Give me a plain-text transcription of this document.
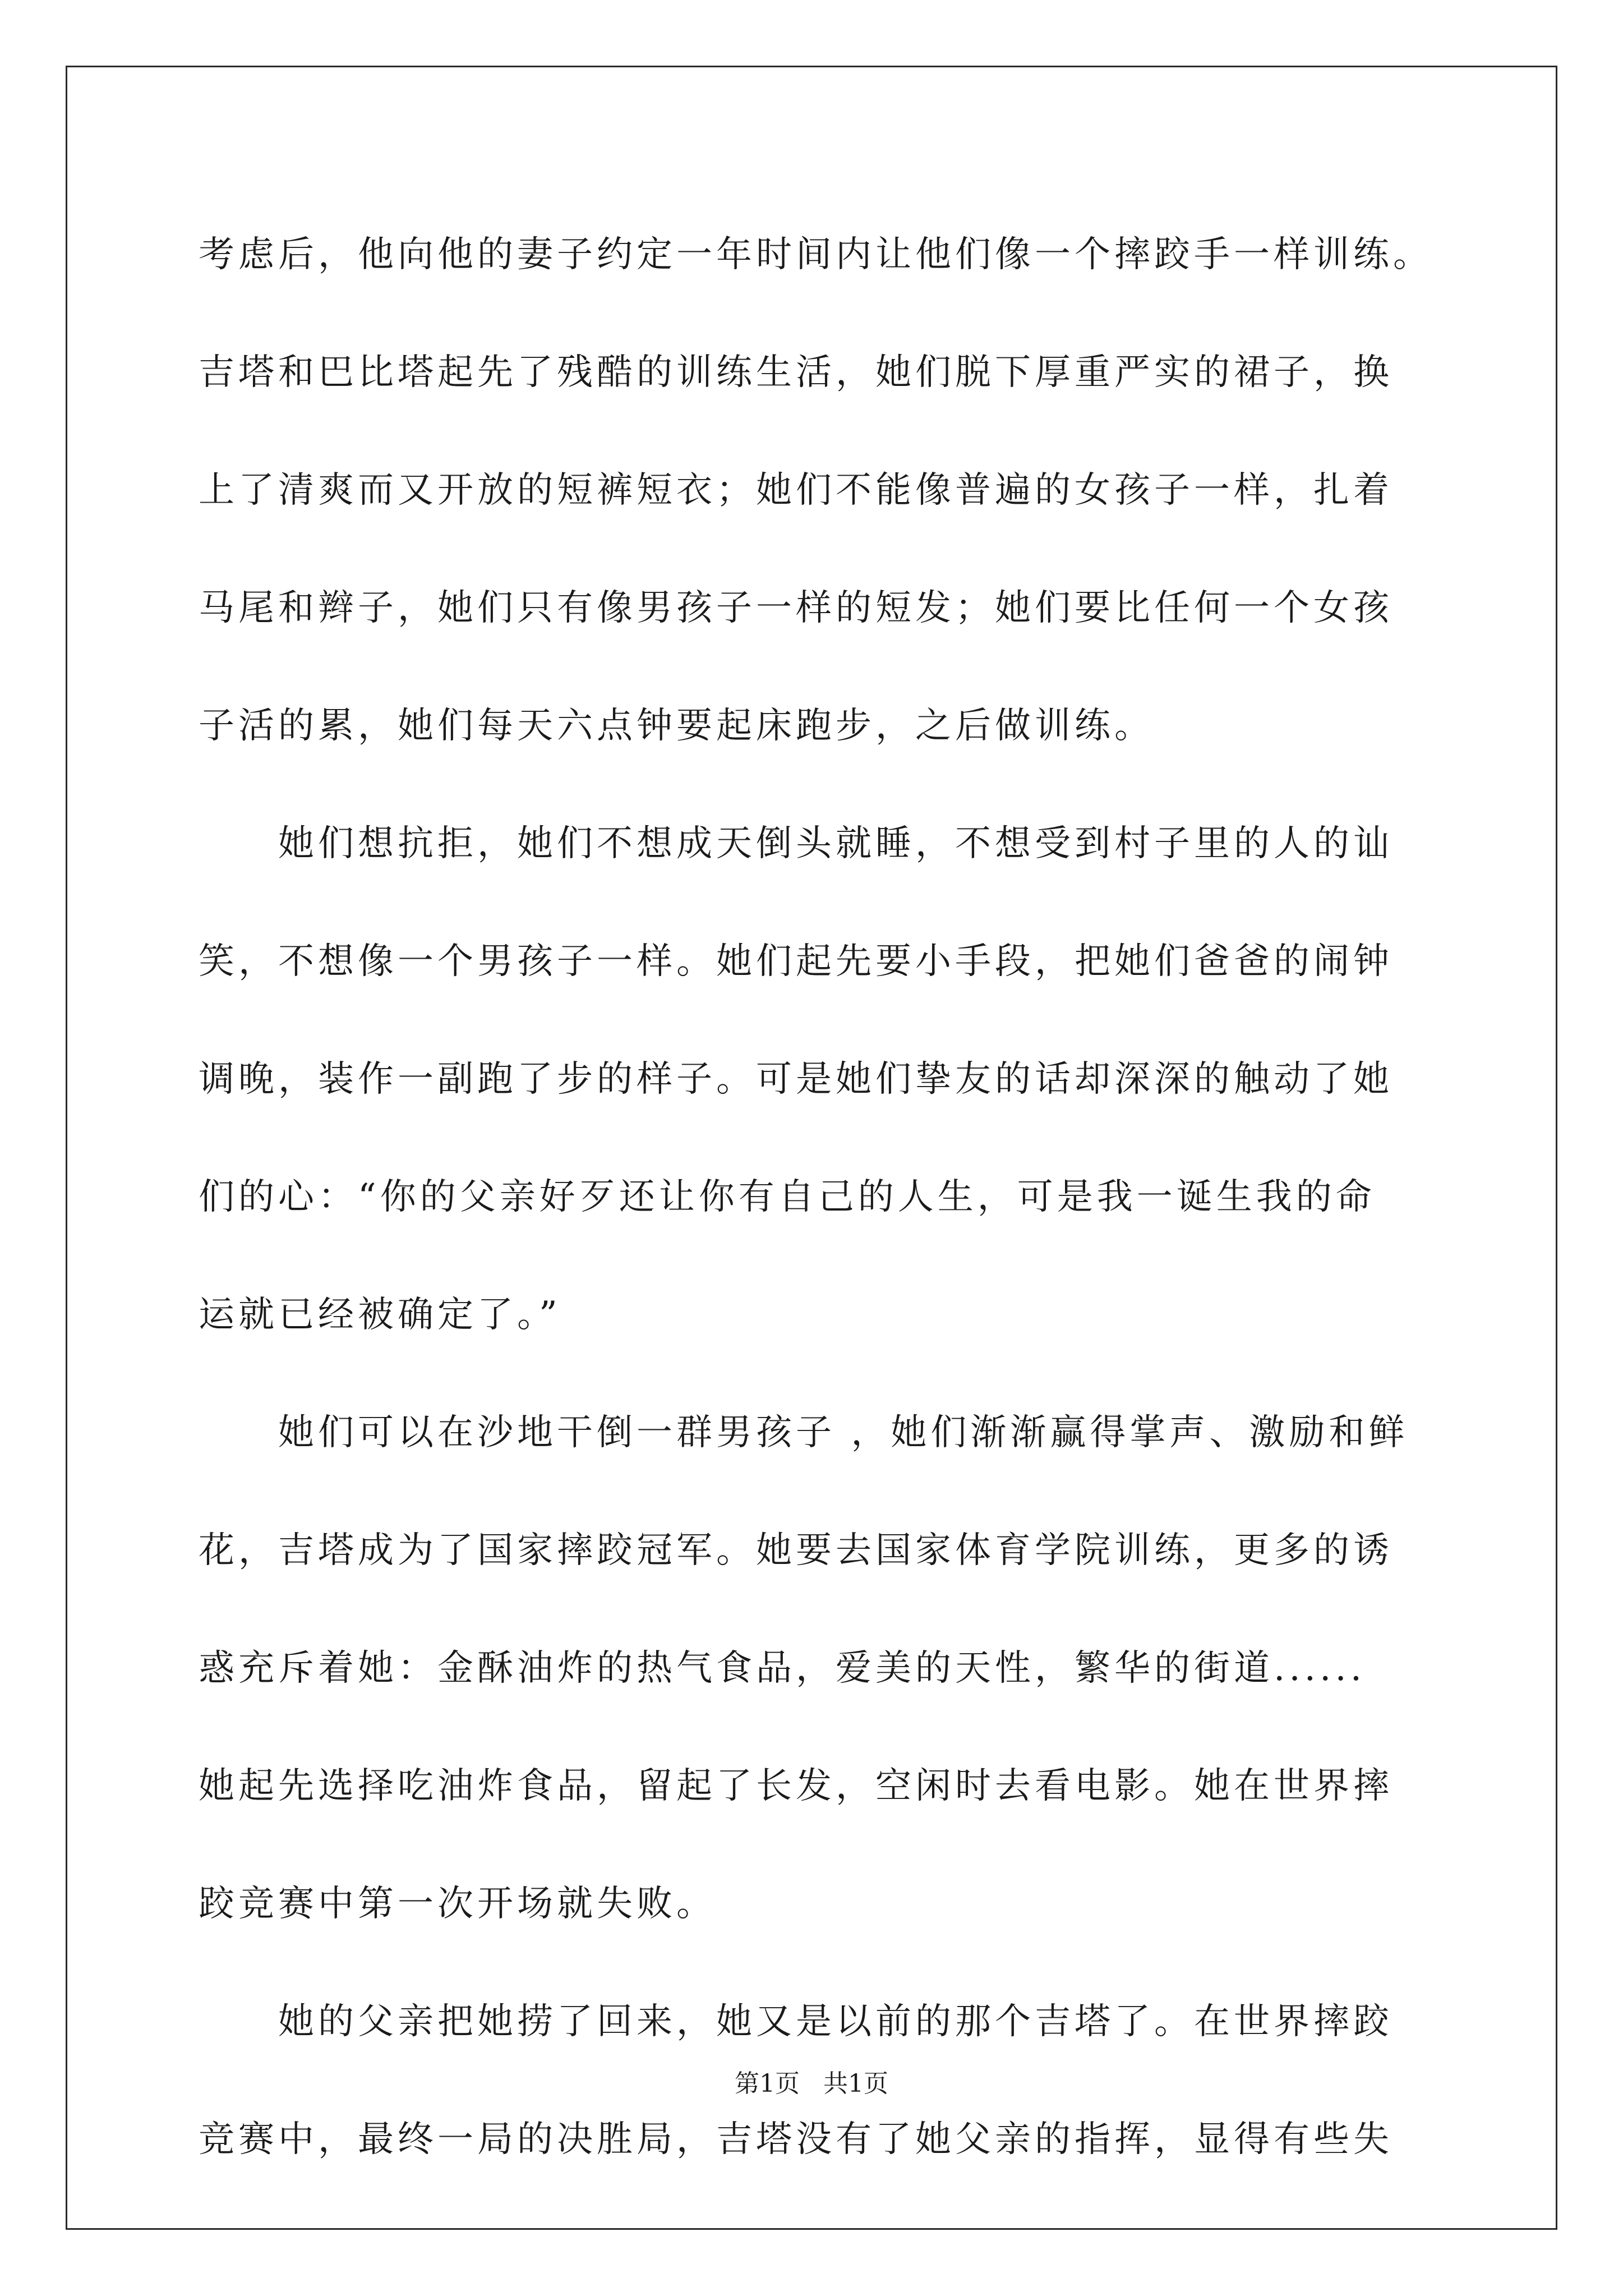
考虑后，他向他的妻子约定一年时间内让他们像一个摔跤手一样训练。
吉塔和巴比塔起先了残酷的训练生活，她们脱下厚重严实的裙子，换
上了清爽而又开放的短裤短衣；她们不能像普遍的女孩子一样，扎着
马尾和辫子，她们只有像男孩子一样的短发；她们要比任何一个女孩
子活的累，她们每天六点钟要起床跑步，之后做训练。
　　她们想抗拒，她们不想成天倒头就睡，不想受到村子里的人的讪
笑，不想像一个男孩子一样。她们起先要小手段，把她们爸爸的闹钟
调晚，装作一副跑了步的样子。可是她们挚友的话却深深的触动了她
们的心：“你的父亲好歹还让你有自己的人生，可是我一诞生我的命
运就已经被确定了。”
　　她们可以在沙地干倒一群男孩子 ，她们渐渐赢得掌声、激励和鲜
花，吉塔成为了国家摔跤冠军。她要去国家体育学院训练，更多的诱
惑充斥着她：金酥油炸的热气食品，爱美的天性，繁华的街道......
她起先选择吃油炸食品，留起了长发，空闲时去看电影。她在世界摔
跤竞赛中第一次开场就失败。
　　她的父亲把她捞了回来，她又是以前的那个吉塔了。在世界摔跤
竞赛中，最终一局的决胜局，吉塔没有了她父亲的指挥，显得有些失
第1页   共1页
